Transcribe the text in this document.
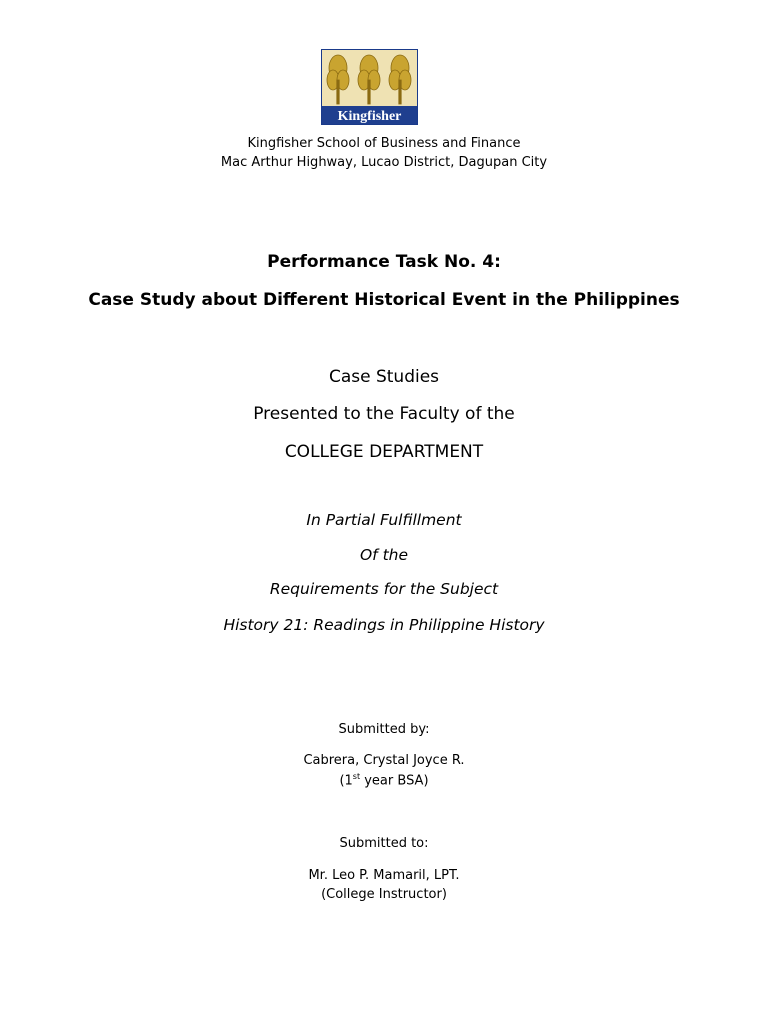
Kingfisher
Kingfisher School of Business and Finance
Mac Arthur Highway, Lucao District, Dagupan City
Performance Task No. 4:
Case Study about Different Historical Event in the Philippines
Case Studies
Presented to the Faculty of the
COLLEGE DEPARTMENT
In Partial Fulfillment
Of the
Requirements for the Subject
History 21: Readings in Philippine History
Submitted by:
Cabrera, Crystal Joyce R.
(1st year BSA)
Submitted to:
Mr. Leo P. Mamaril, LPT.
(College Instructor)
